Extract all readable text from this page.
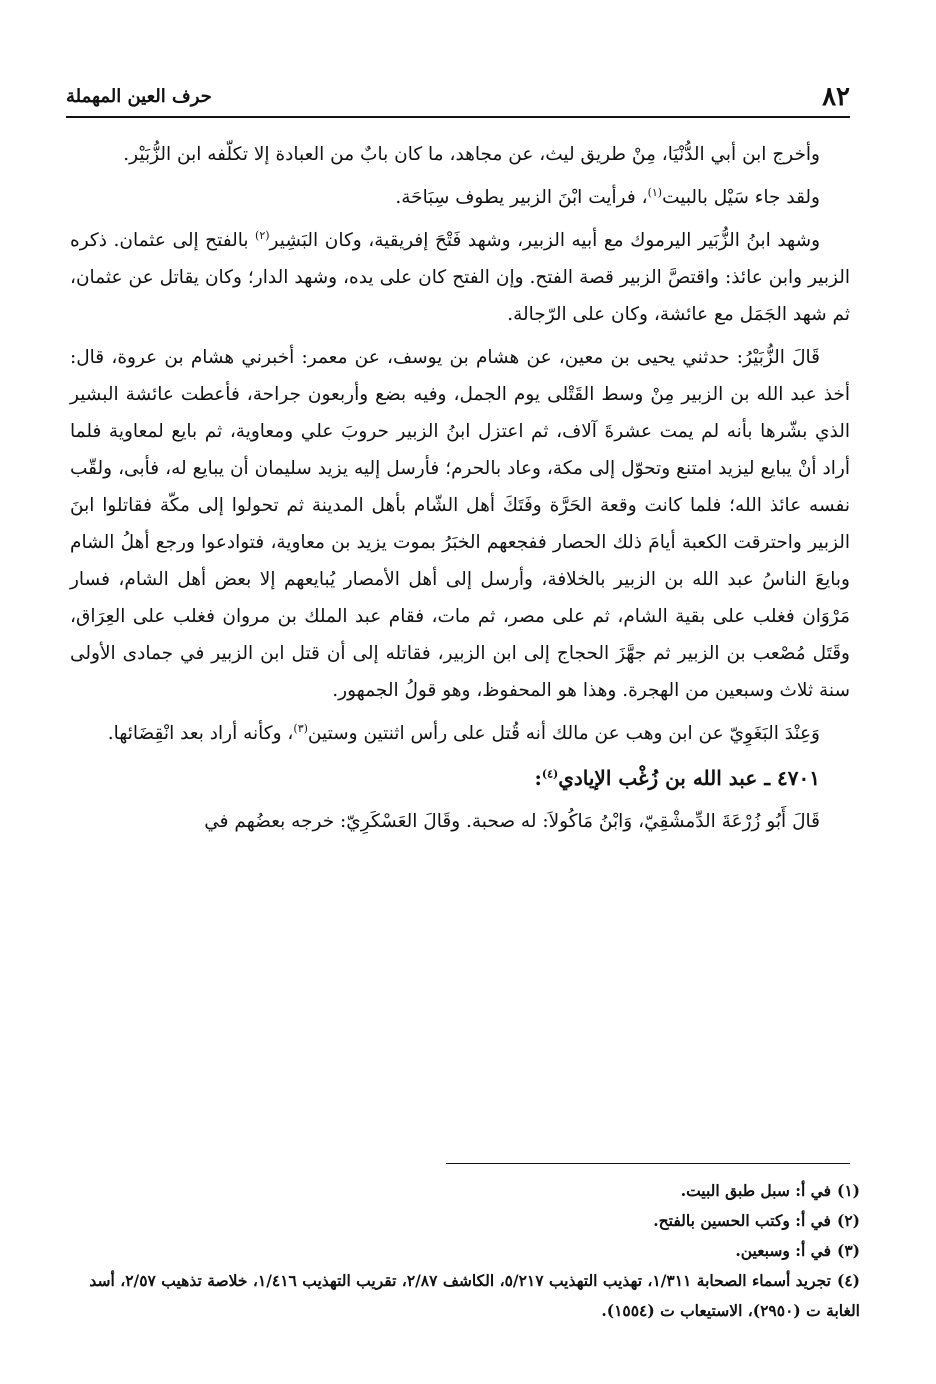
٨٢
حرف العين المهملة

وأخرج ابن أبي الدُّنْيَا، مِنْ طريق ليث، عن مجاهد، ما كان بابٌ من العبادة إلا تكلّفه ابن الزُّبَيْر.

ولقد جاء سَيْل بالبيت$^{(١)}$، فرأيت ابْنَ الزبير يطوف سِبَاحَة.

وشهد ابنُ الزُّبَير اليرموك مع أبيه الزبير، وشهد فَتْحَ إفريقية، وكان البَشِير$^{(٢)}$ بالفتح إلى عثمان. ذكره الزبير وابن عائذ: واقتصَّ الزبير قصة الفتح. وإن الفتح كان على يده، وشهد الدار؛ وكان يقاتل عن عثمان، ثم شهد الجَمَل مع عائشة، وكان على الرّجالة.

قَالَ الزُّبَيْرُ: حدثني يحيى بن معين، عن هشام بن يوسف، عن معمر: أخبرني هشام بن عروة، قال: أخذ عبد الله بن الزبير مِنْ وسط القَتْلى يوم الجمل، وفيه بضع وأربعون جراحة، فأعطت عائشة البشير الذي بشّرها بأنه لم يمت عشرةَ آلاف، ثم اعتزل ابنُ الزبير حروبَ علي ومعاوية، ثم بايع لمعاوية فلما أراد أنْ يبايع ليزيد امتنع وتحوّل إلى مكة، وعاد بالحرم؛ فأرسل إليه يزيد سليمان أن يبايع له، فأبى، ولقّب نفسه عائذ الله؛ فلما كانت وقعة الحَرَّة وفَتَكَ أهل الشّام بأهل المدينة ثم تحولوا إلى مكّة فقاتلوا ابنَ الزبير واحترقت الكعبة أيامَ ذلك الحصار ففجعهم الخبَرُ بموت يزيد بن معاوية، فتوادعوا ورجع أهلُ الشام وبايعَ الناسُ عبد الله بن الزبير بالخلافة، وأرسل إلى أهل الأمصار يُبايعهم إلا بعض أهل الشام، فسار مَرْوَان فغلب على بقية الشام، ثم على مصر، ثم مات، فقام عبد الملك بن مروان فغلب على العِرَاق، وقَتَل مُصْعب بن الزبير ثم جهَّزَ الحجاج إلى ابن الزبير، فقاتله إلى أن قتل ابن الزبير في جمادى الأولى سنة ثلاث وسبعين من الهجرة. وهذا هو المحفوظ، وهو قولُ الجمهور.

وَعِنْدَ البَغَوِيّ عن ابن وهب عن مالك أنه قُتل على رأس اثنتين وستين$^{(٣)}$، وكأنه أراد بعد انْقِضَائها.

٤٧٠١ ـ عبد الله بن زُغْب الإيادي$^{(٤)}$:

قَالَ أَبُو زُرْعَةَ الدِّمشْقِيّ، وَابْنُ مَاكُولاَ: له صحبة. وقَالَ العَسْكَرِيّ: خرجه بعضُهم في

(١)في أ: سبل طبق البيت.

(٢)في أ: وكتب الحسين بالفتح.

(٣)في أ: وسبعين.

(٤)تجريد أسماء الصحابة ١/٣١١، تهذيب التهذيب ٥/٢١٧، الكاشف ٢/٨٧، تقريب التهذيب ١/٤١٦، خلاصة تذهيب ٢/٥٧، أسد الغابة ت (٢٩٥٠)، الاستيعاب ت (١٥٥٤).
